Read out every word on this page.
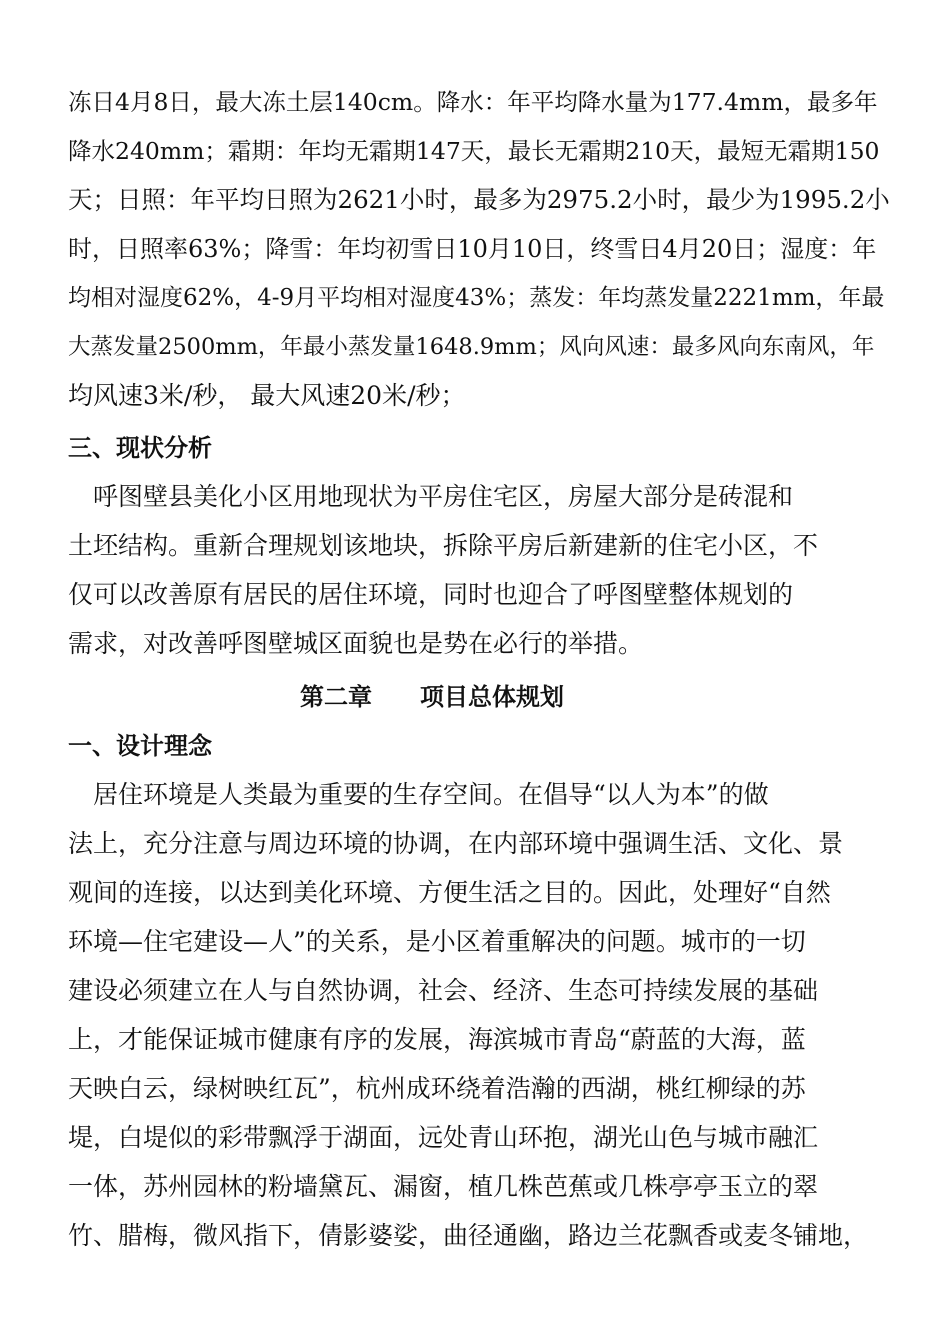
冻日4月8日，最大冻土层140cm。降水：年平均降水量为177.4mm，最多年
降水240mm；霜期：年均无霜期147天，最长无霜期210天，最短无霜期150
天；日照：年平均日照为2621小时，最多为2975.2小时，最少为1995.2小
时，日照率63%；降雪：年均初雪日10月10日，终雪日4月20日；湿度：年
均相对湿度62%，4-9月平均相对湿度43%；蒸发：年均蒸发量2221mm，年最
大蒸发量2500mm，年最小蒸发量1648.9mm；风向风速：最多风向东南风，年
均风速3米/秒， 最大风速20米/秒；
三、现状分析
　呼图壁县美化小区用地现状为平房住宅区，房屋大部分是砖混和
土坯结构。重新合理规划该地块，拆除平房后新建新的住宅小区，不
仅可以改善原有居民的居住环境，同时也迎合了呼图壁整体规划的
需求，对改善呼图壁城区面貌也是势在必行的举措。
第二章 项目总体规划
一、设计理念
　居住环境是人类最为重要的生存空间。在倡导“以人为本”的做
法上，充分注意与周边环境的协调，在内部环境中强调生活、文化、景
观间的连接，以达到美化环境、方便生活之目的。因此，处理好“自然
环境—住宅建设—人”的关系，是小区着重解决的问题。城市的一切
建设必须建立在人与自然协调，社会、经济、生态可持续发展的基础
上，才能保证城市健康有序的发展，海滨城市青岛“蔚蓝的大海，蓝
天映白云，绿树映红瓦”，杭州成环绕着浩瀚的西湖，桃红柳绿的苏
堤，白堤似的彩带飘浮于湖面，远处青山环抱，湖光山色与城市融汇
一体，苏州园林的粉墙黛瓦、漏窗，植几株芭蕉或几株亭亭玉立的翠
竹、腊梅，微风指下，倩影婆娑，曲径通幽，路边兰花飘香或麦冬铺地，
